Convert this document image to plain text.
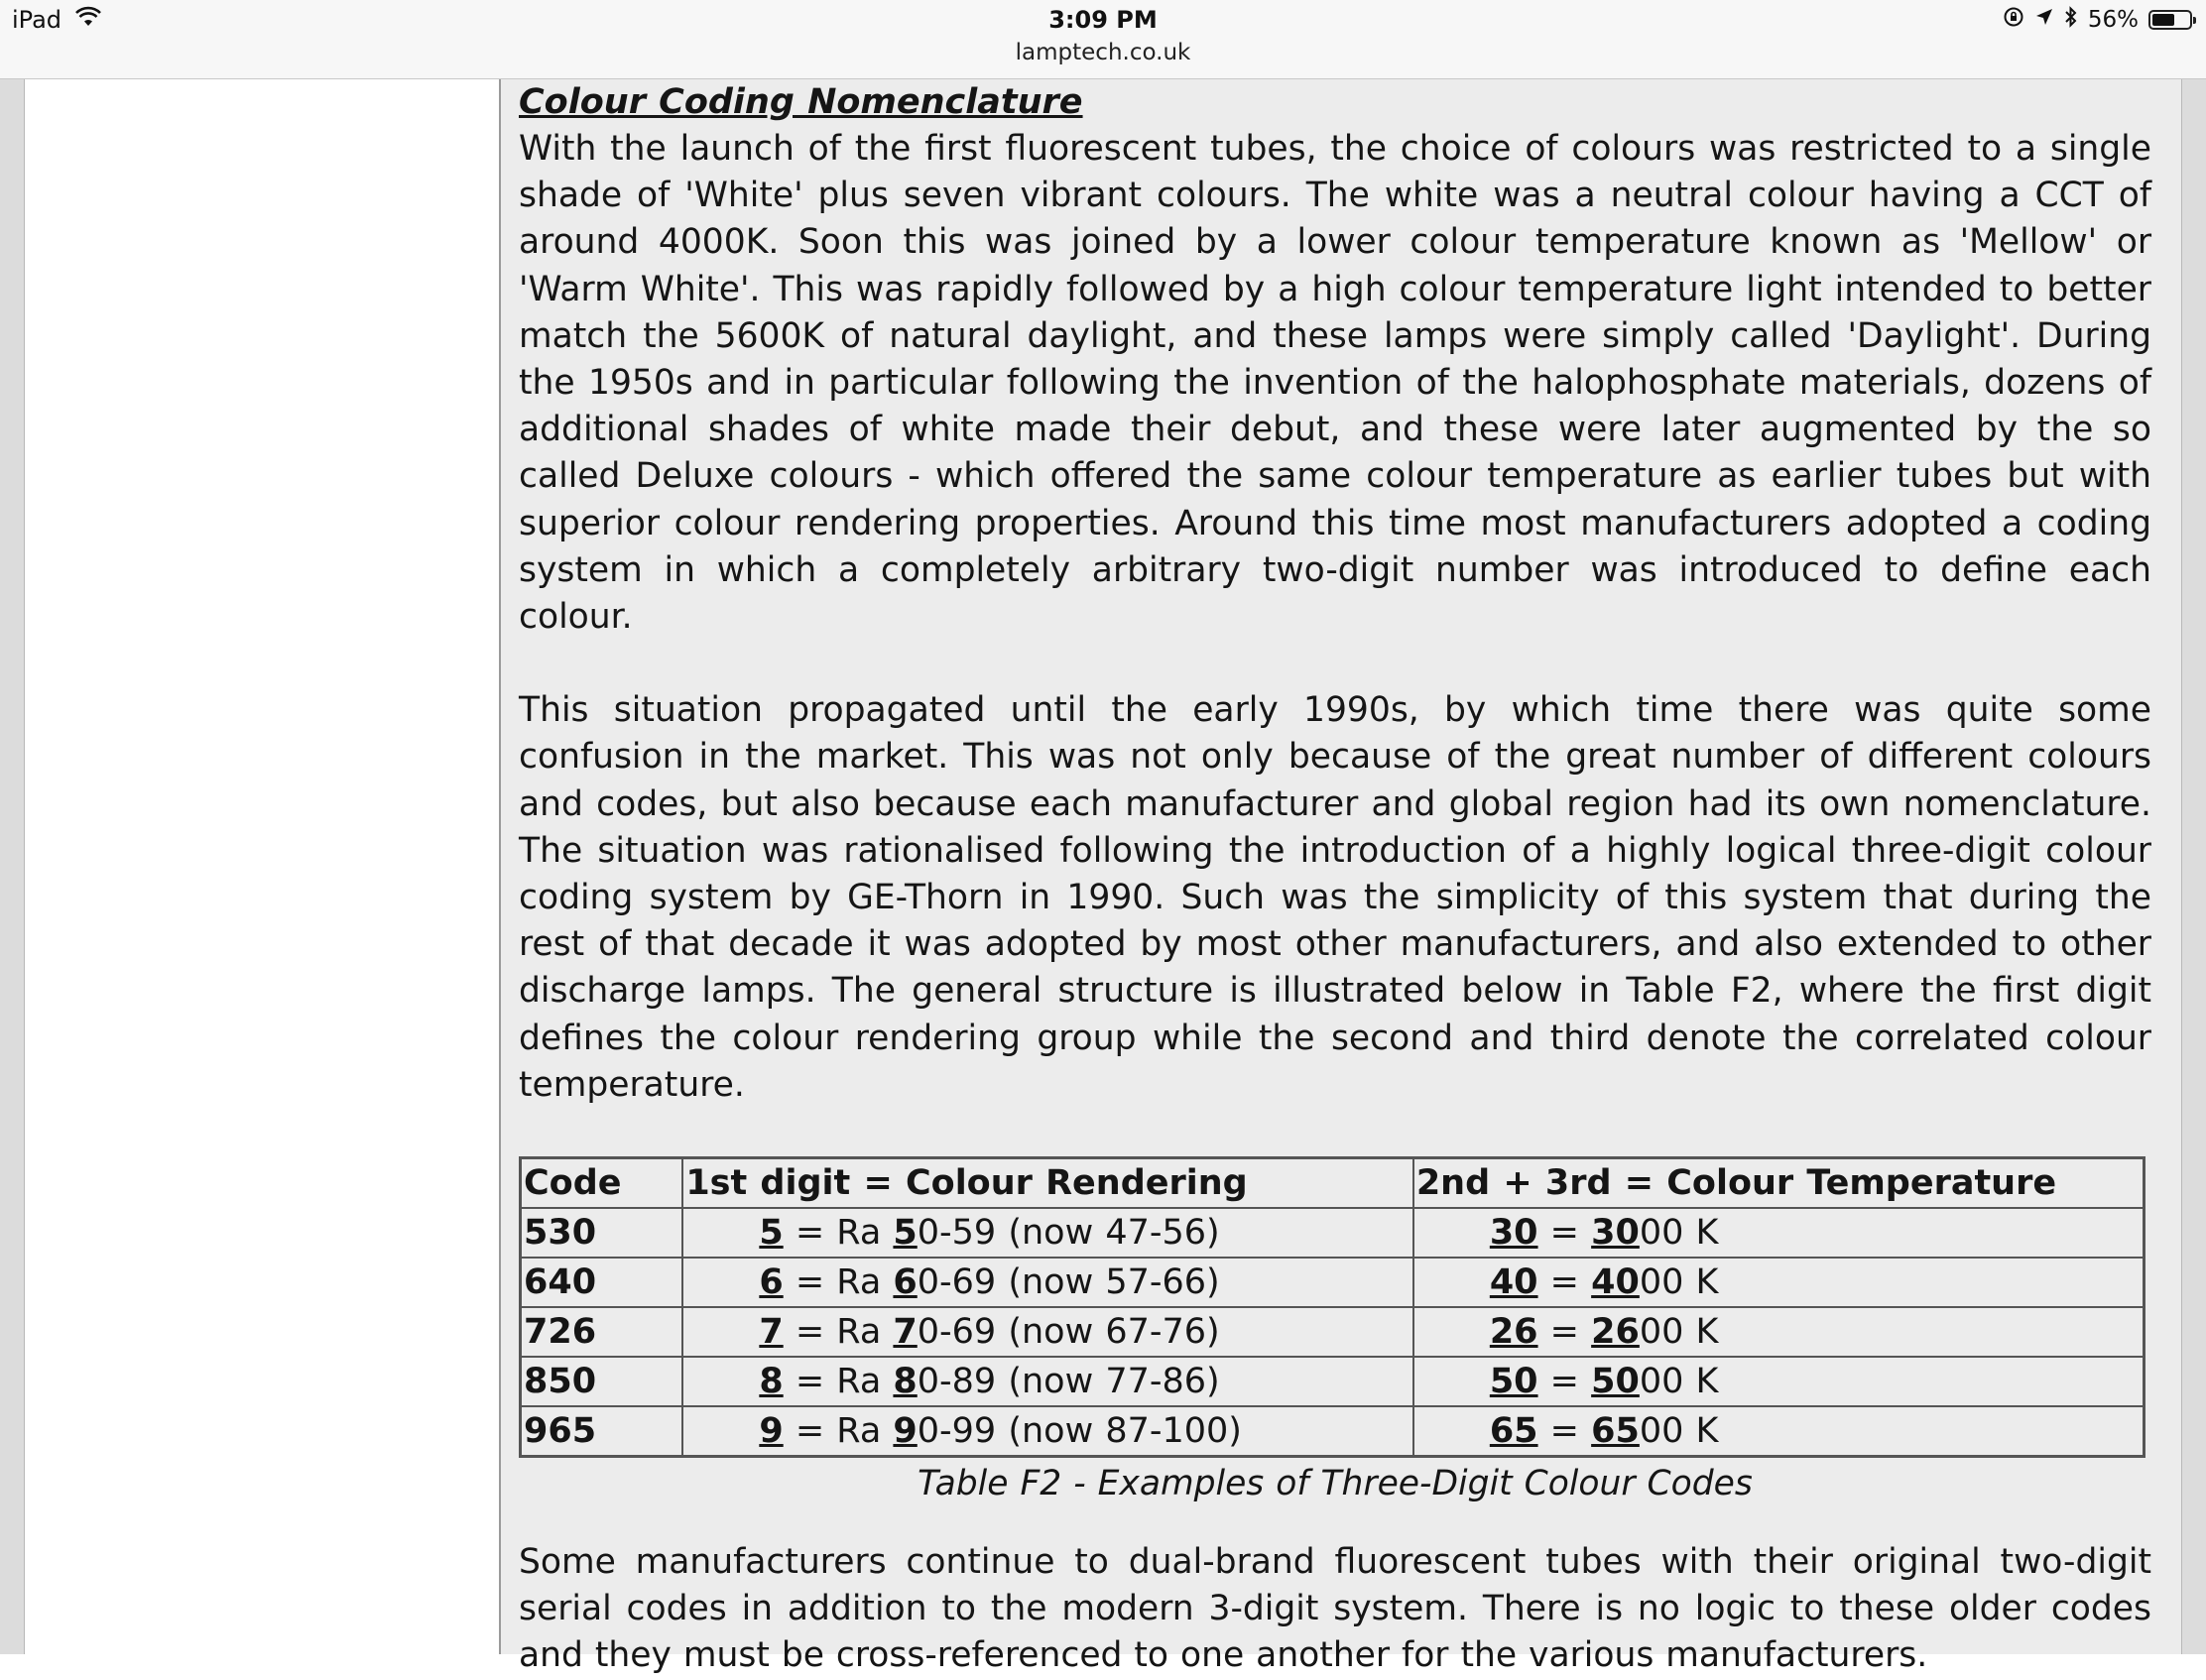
iPad	3:09 PM
lamptech.co.uk
56%
Colour Coding Nomenclature

With the launch of the first fluorescent tubes, the choice of colours was restricted to a single shade of 'White' plus seven vibrant colours. The white was a neutral colour having a CCT of around 4000K. Soon this was joined by a lower colour temperature known as 'Mellow' or 'Warm White'. This was rapidly followed by a high colour temperature light intended to better match the 5600K of natural daylight, and these lamps were simply called 'Daylight'. During the 1950s and in particular following the invention of the halophosphate materials, dozens of additional shades of white made their debut, and these were later augmented by the so called Deluxe colours - which offered the same colour temperature as earlier tubes but with superior colour rendering properties. Around this time most manufacturers adopted a coding system in which a completely arbitrary two-digit number was introduced to define each colour.

This situation propagated until the early 1990s, by which time there was quite some confusion in the market. This was not only because of the great number of different colours and codes, but also because each manufacturer and global region had its own nomenclature. The situation was rationalised following the introduction of a highly logical three-digit colour coding system by GE-Thorn in 1990. Such was the simplicity of this system that during the rest of that decade it was adopted by most other manufacturers, and also extended to other discharge lamps. The general structure is illustrated below in Table F2, where the first digit defines the colour rendering group while the second and third denote the correlated colour temperature.

Code	1st digit = Colour Rendering	2nd + 3rd = Colour Temperature
530	5 = Ra 50-59 (now 47-56)	30 = 3000 K
640	6 = Ra 60-69 (now 57-66)	40 = 4000 K
726	7 = Ra 70-69 (now 67-76)	26 = 2600 K
850	8 = Ra 80-89 (now 77-86)	50 = 5000 K
965	9 = Ra 90-99 (now 87-100)	65 = 6500 K
Table F2 - Examples of Three-Digit Colour Codes

Some manufacturers continue to dual-brand fluorescent tubes with their original two-digit serial codes in addition to the modern 3-digit system. There is no logic to these older codes and they must be cross-referenced to one another for the various manufacturers.
